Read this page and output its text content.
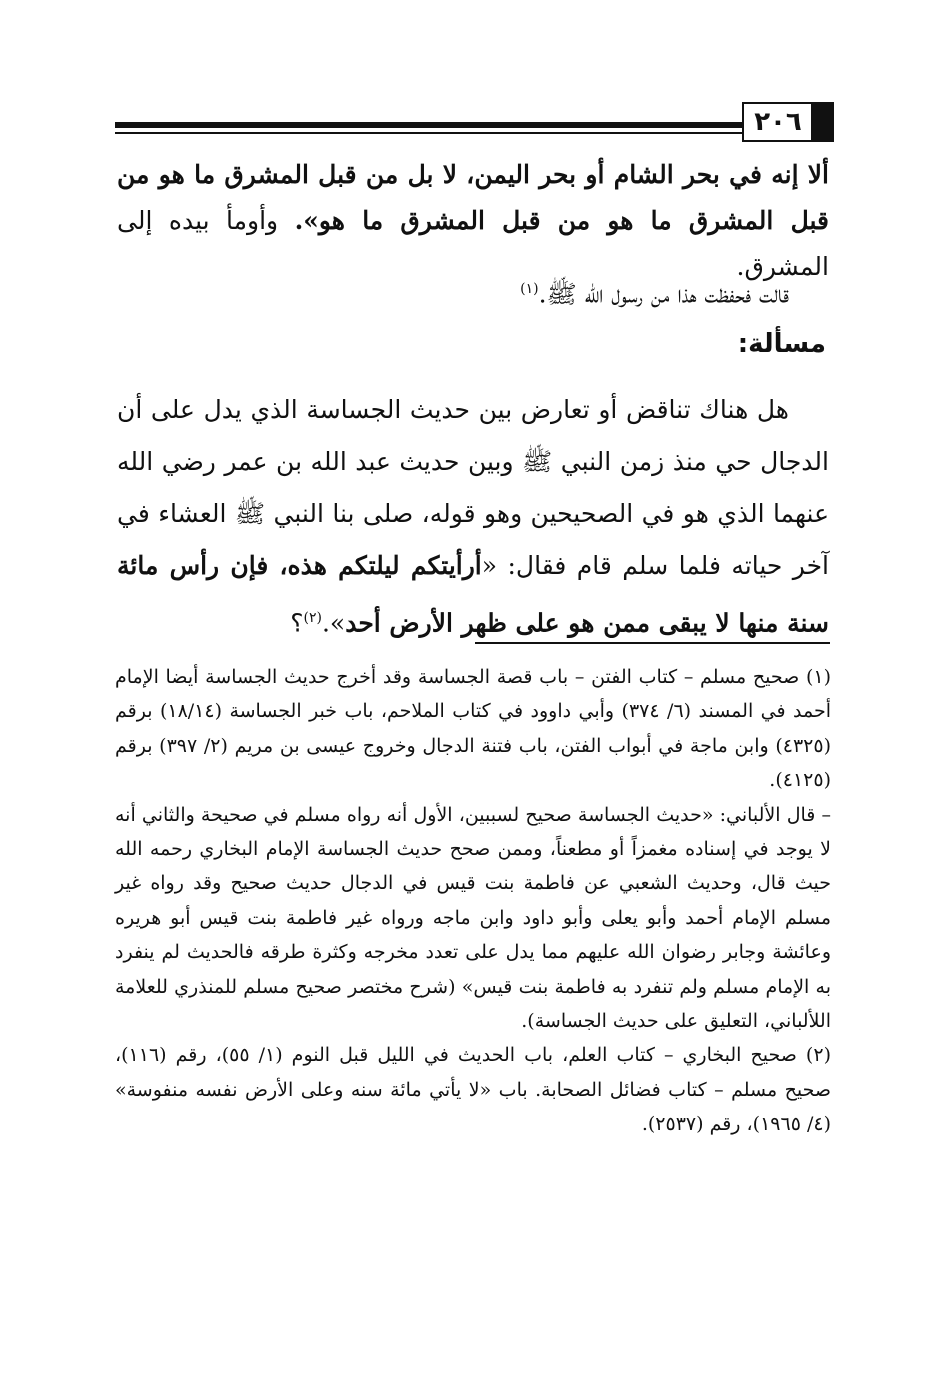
٢٠٦
ألا إنه في بحر الشام أو بحر اليمن، لا بل من قبل المشرق ما هو من قبل المشرق ما هو من قبل المشرق ما هو». وأومأ بيده إلى المشرق.
قالت فحفظت هذا من رسول الله ﷺ.$^{(١)}$
مسألة:
هل هناك تناقض أو تعارض بين حديث الجساسة الذي يدل على أن الدجال حي منذ زمن النبي ﷺ وبين حديث عبد الله بن عمر رضي الله عنهما الذي هو في الصحيحين وهو قوله، صلى بنا النبي ﷺ العشاء في آخر حياته فلما سلم قام فقال: «أرأيتكم ليلتكم هذه، فإن رأس مائة سنة منها لا يبقى ممن هو على ظهر الأرض أحد».$^{(٢)}$؟

(١) صحيح مسلم – كتاب الفتن – باب قصة الجساسة وقد أخرج حديث الجساسة أيضا الإمام أحمد في المسند (٦/ ٣٧٤) وأبي داوود في كتاب الملاحم، باب خبر الجساسة (١٨/١٤) برقم (٤٣٢٥) وابن ماجة في أبواب الفتن، باب فتنة الدجال وخروج عيسى بن مريم (٢/ ٣٩٧) برقم (٤١٢٥).

– قال الألباني: «حديث الجساسة صحيح لسببين، الأول أنه رواه مسلم في صحيحة والثاني أنه لا يوجد في إسناده مغمزاً أو مطعناً، وممن صحح حديث الجساسة الإمام البخاري رحمه الله حيث قال، وحديث الشعبي عن فاطمة بنت قيس في الدجال حديث صحيح وقد رواه غير مسلم الإمام أحمد وأبو يعلى وأبو داود وابن ماجه ورواه غير فاطمة بنت قيس أبو هريره وعائشة وجابر رضوان الله عليهم مما يدل على تعدد مخرجه وكثرة طرقه فالحديث لم ينفرد به الإمام مسلم ولم تنفرد به فاطمة بنت قيس» (شرح مختصر صحيح مسلم للمنذري للعلامة اللألباني، التعليق على حديث الجساسة).

(٢) صحيح البخاري – كتاب العلم، باب الحديث في الليل قبل النوم (١/ ٥٥)، رقم (١١٦)، صحيح مسلم – كتاب فضائل الصحابة. باب «لا يأتي مائة سنه وعلى الأرض نفسه منفوسة» (٤/ ١٩٦٥)، رقم (٢٥٣٧).
